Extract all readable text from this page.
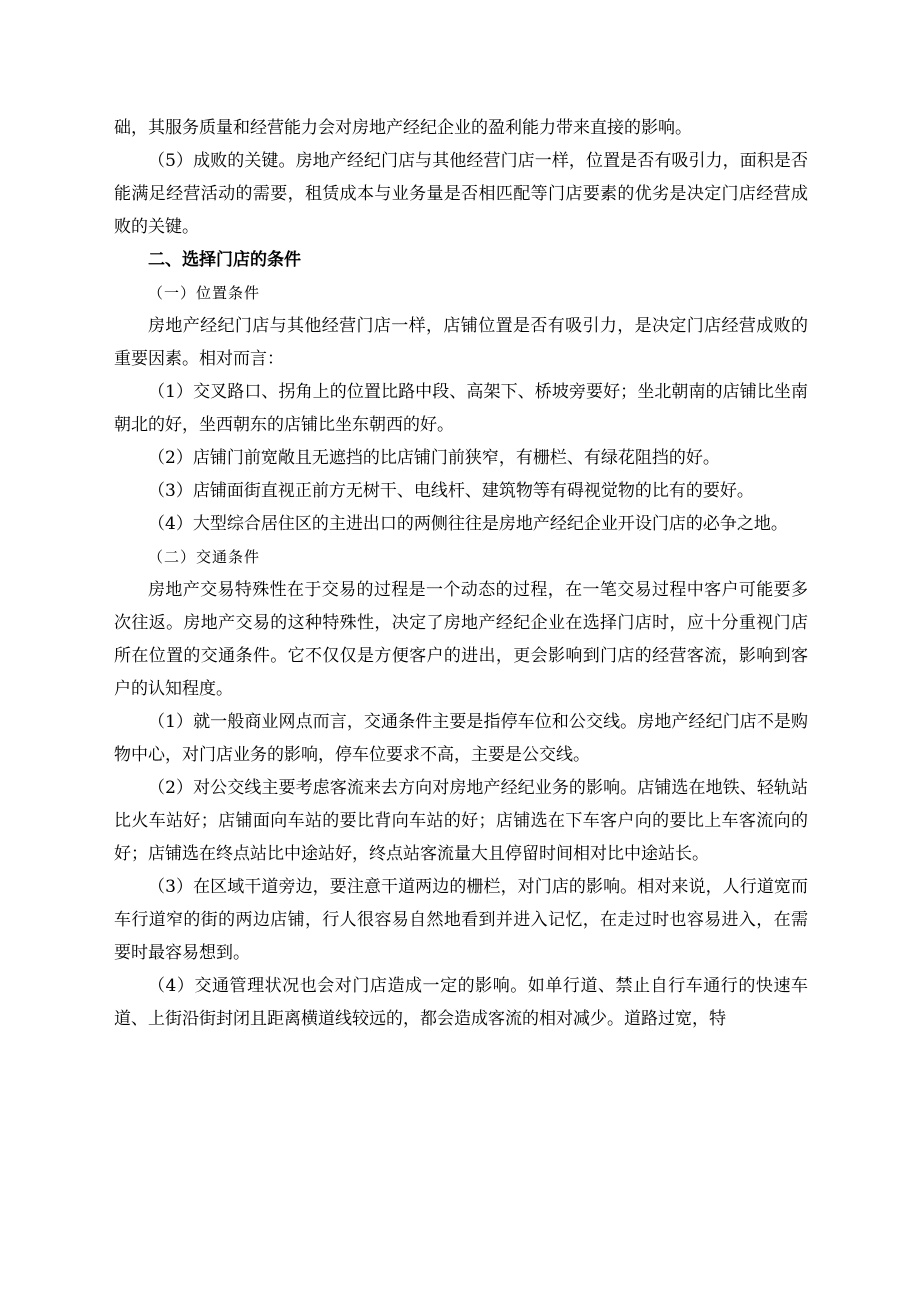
础，其服务质量和经营能力会对房地产经纪企业的盈利能力带来直接的影响。

（5）成败的关键。房地产经纪门店与其他经营门店一样，位置是否有吸引力，面积是否能满足经营活动的需要，租赁成本与业务量是否相匹配等门店要素的优劣是决定门店经营成败的关键。

二、选择门店的条件

（一）位置条件

房地产经纪门店与其他经营门店一样，店铺位置是否有吸引力，是决定门店经营成败的重要因素。相对而言：

（1）交叉路口、拐角上的位置比路中段、高架下、桥坡旁要好；坐北朝南的店铺比坐南朝北的好，坐西朝东的店铺比坐东朝西的好。

（2）店铺门前宽敞且无遮挡的比店铺门前狭窄，有栅栏、有绿花阻挡的好。

（3）店铺面街直视正前方无树干、电线杆、建筑物等有碍视觉物的比有的要好。

（4）大型综合居住区的主进出口的两侧往往是房地产经纪企业开设门店的必争之地。

（二）交通条件

房地产交易特殊性在于交易的过程是一个动态的过程，在一笔交易过程中客户可能要多次往返。房地产交易的这种特殊性，决定了房地产经纪企业在选择门店时，应十分重视门店所在位置的交通条件。它不仅仅是方便客户的进出，更会影响到门店的经营客流，影响到客户的认知程度。

（1）就一般商业网点而言，交通条件主要是指停车位和公交线。房地产经纪门店不是购物中心，对门店业务的影响，停车位要求不高，主要是公交线。

（2）对公交线主要考虑客流来去方向对房地产经纪业务的影响。店铺选在地铁、轻轨站比火车站好；店铺面向车站的要比背向车站的好；店铺选在下车客户向的要比上车客流向的好；店铺选在终点站比中途站好，终点站客流量大且停留时间相对比中途站长。

（3）在区域干道旁边，要注意干道两边的栅栏，对门店的影响。相对来说，人行道宽而车行道窄的街的两边店铺，行人很容易自然地看到并进入记忆，在走过时也容易进入，在需要时最容易想到。

（4）交通管理状况也会对门店造成一定的影响。如单行道、禁止自行车通行的快速车道、上街沿街封闭且距离横道线较远的，都会造成客流的相对减少。道路过宽，特
